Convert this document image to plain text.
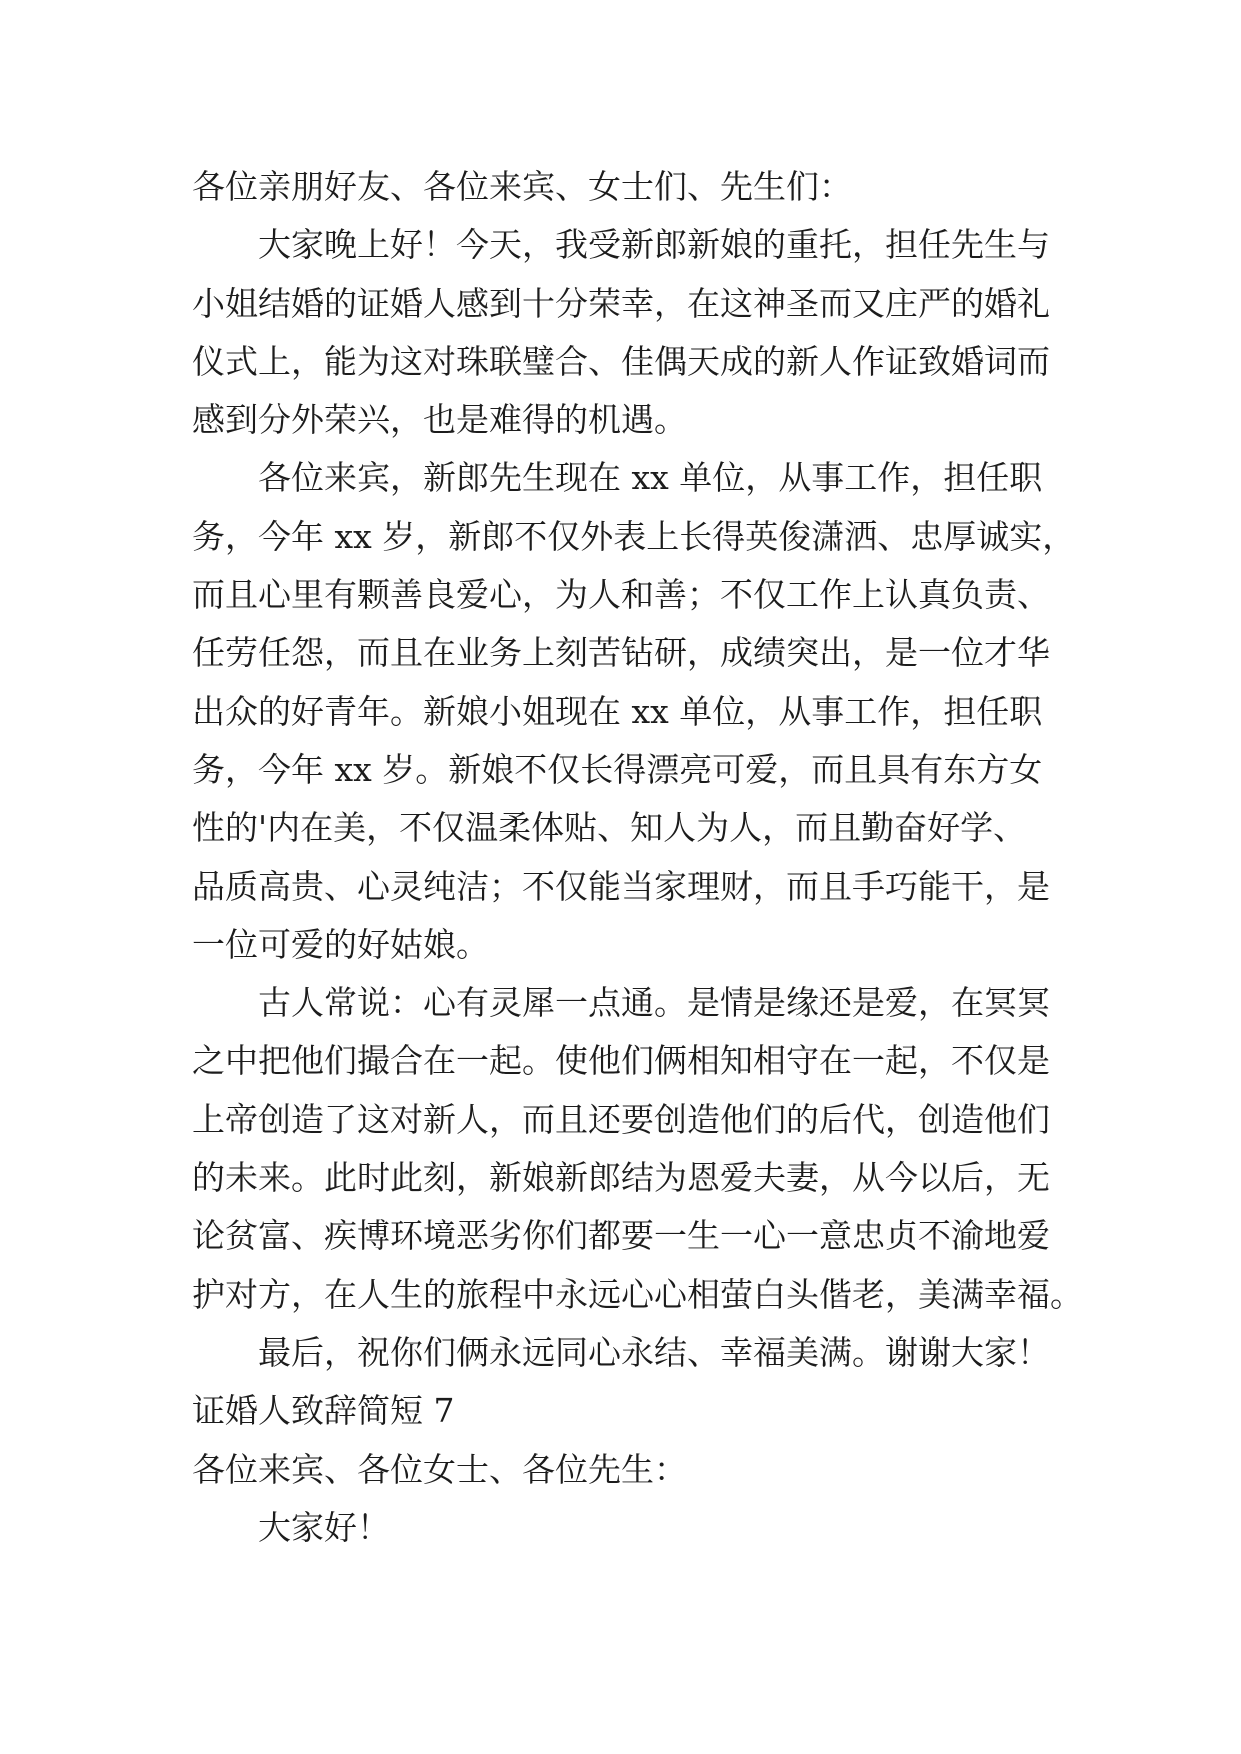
各位亲朋好友、各位来宾、女士们、先生们：
大家晚上好！今天，我受新郎新娘的重托，担任先生与
小姐结婚的证婚人感到十分荣幸，在这神圣而又庄严的婚礼
仪式上，能为这对珠联璧合、佳偶天成的新人作证致婚词而
感到分外荣兴，也是难得的机遇。
各位来宾，新郎先生现在 xx 单位，从事工作，担任职
务，今年 xx 岁，新郎不仅外表上长得英俊潇洒、忠厚诚实，
而且心里有颗善良爱心，为人和善；不仅工作上认真负责、
任劳任怨，而且在业务上刻苦钻研，成绩突出，是一位才华
出众的好青年。新娘小姐现在 xx 单位，从事工作，担任职
务，今年 xx 岁。新娘不仅长得漂亮可爱，而且具有东方女
性的'内在美，不仅温柔体贴、知人为人，而且勤奋好学、
品质高贵、心灵纯洁；不仅能当家理财，而且手巧能干，是
一位可爱的好姑娘。
古人常说：心有灵犀一点通。是情是缘还是爱，在冥冥
之中把他们撮合在一起。使他们俩相知相守在一起，不仅是
上帝创造了这对新人，而且还要创造他们的后代，创造他们
的未来。此时此刻，新娘新郎结为恩爱夫妻，从今以后，无
论贫富、疾博环境恶劣你们都要一生一心一意忠贞不渝地爱
护对方，在人生的旅程中永远心心相萤白头偕老，美满幸福。
最后，祝你们俩永远同心永结、幸福美满。谢谢大家！
证婚人致辞简短 7
各位来宾、各位女士、各位先生：
大家好！
